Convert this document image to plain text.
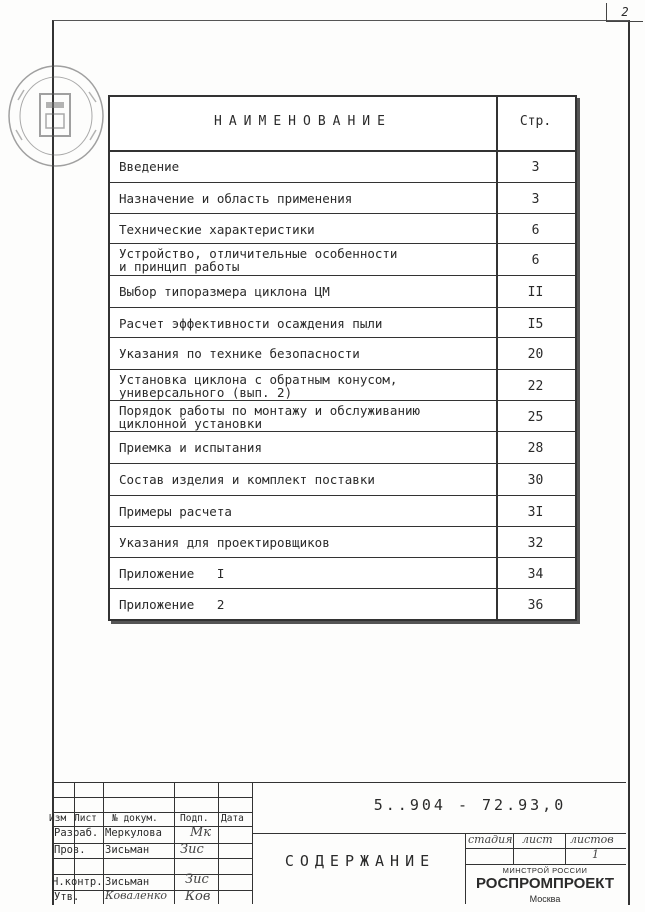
2
НАИМЕНОВАНИЕ	Стр.
Введение	3
Назначение и область применения	3
Технические характеристики	6
Устройство, отличительные особенности
и принцип работы	6
Выбор типоразмера циклона ЦМ	II
Расчет эффективности осаждения пыли	I5
Указания по технике безопасности	20
Установка циклона с обратным конусом,
универсального (вып. 2)	22
Порядок работы по монтажу и обслуживанию
циклонной установки	25
Приемка и испытания	28
Состав изделия и комплект поставки	30
Примеры расчета	3I
Указания для проектировщиков	32
Приложение   I	34
Приложение   2	36
Изм Лист № докум. Подп. Дата
Разраб. Меркулова Мк
Пров. Зисьман Зис
Н.контр. Зисьман	Зис
Утв. Коваленко Ков
5..904 - 72.93,0
СОДЕРЖАНИЕ
стадия лист листов
1
МИНСТРОЙ РОССИИ
РОСПРОМПРОЕКТ
Москва
